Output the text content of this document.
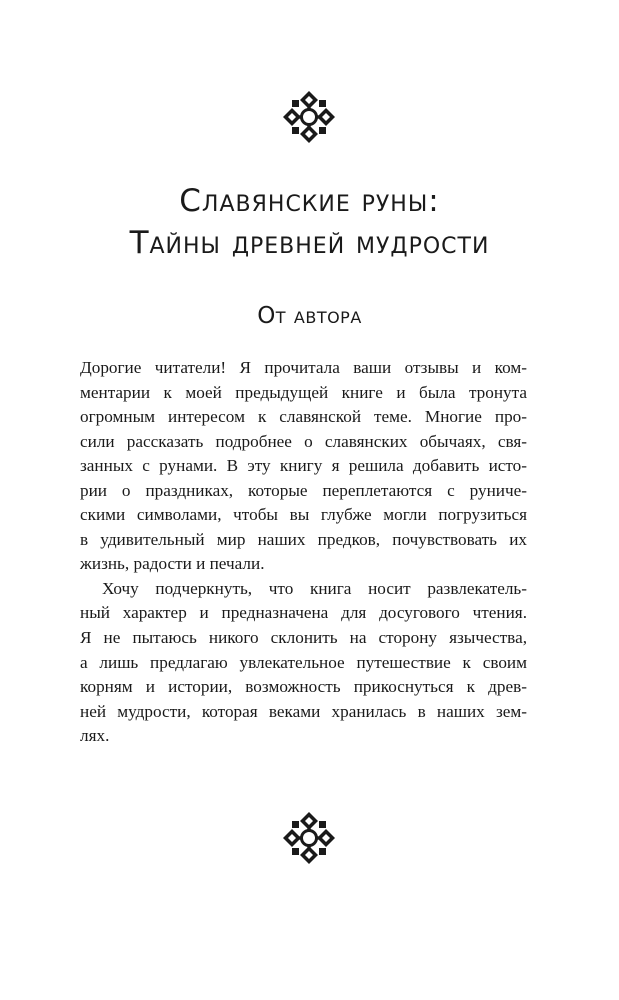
Славянские руны:
Тайны древней мудрости
От автора
Дорогие читатели! Я прочитала ваши отзывы и ком-
ментарии к моей предыдущей книге и была тронута
огромным интересом к славянской теме. Многие про-
сили рассказать подробнее о славянских обычаях, свя-
занных с рунами. В эту книгу я решила добавить исто-
рии о праздниках, которые переплетаются с руниче-
скими символами, чтобы вы глубже могли погрузиться
в удивительный мир наших предков, почувствовать их
жизнь, радости и печали.
Хочу подчеркнуть, что книга носит развлекатель-
ный характер и предназначена для досугового чтения.
Я не пытаюсь никого склонить на сторону язычества,
а лишь предлагаю увлекательное путешествие к своим
корням и истории, возможность прикоснуться к древ-
ней мудрости, которая веками хранилась в наших зем-
лях.
